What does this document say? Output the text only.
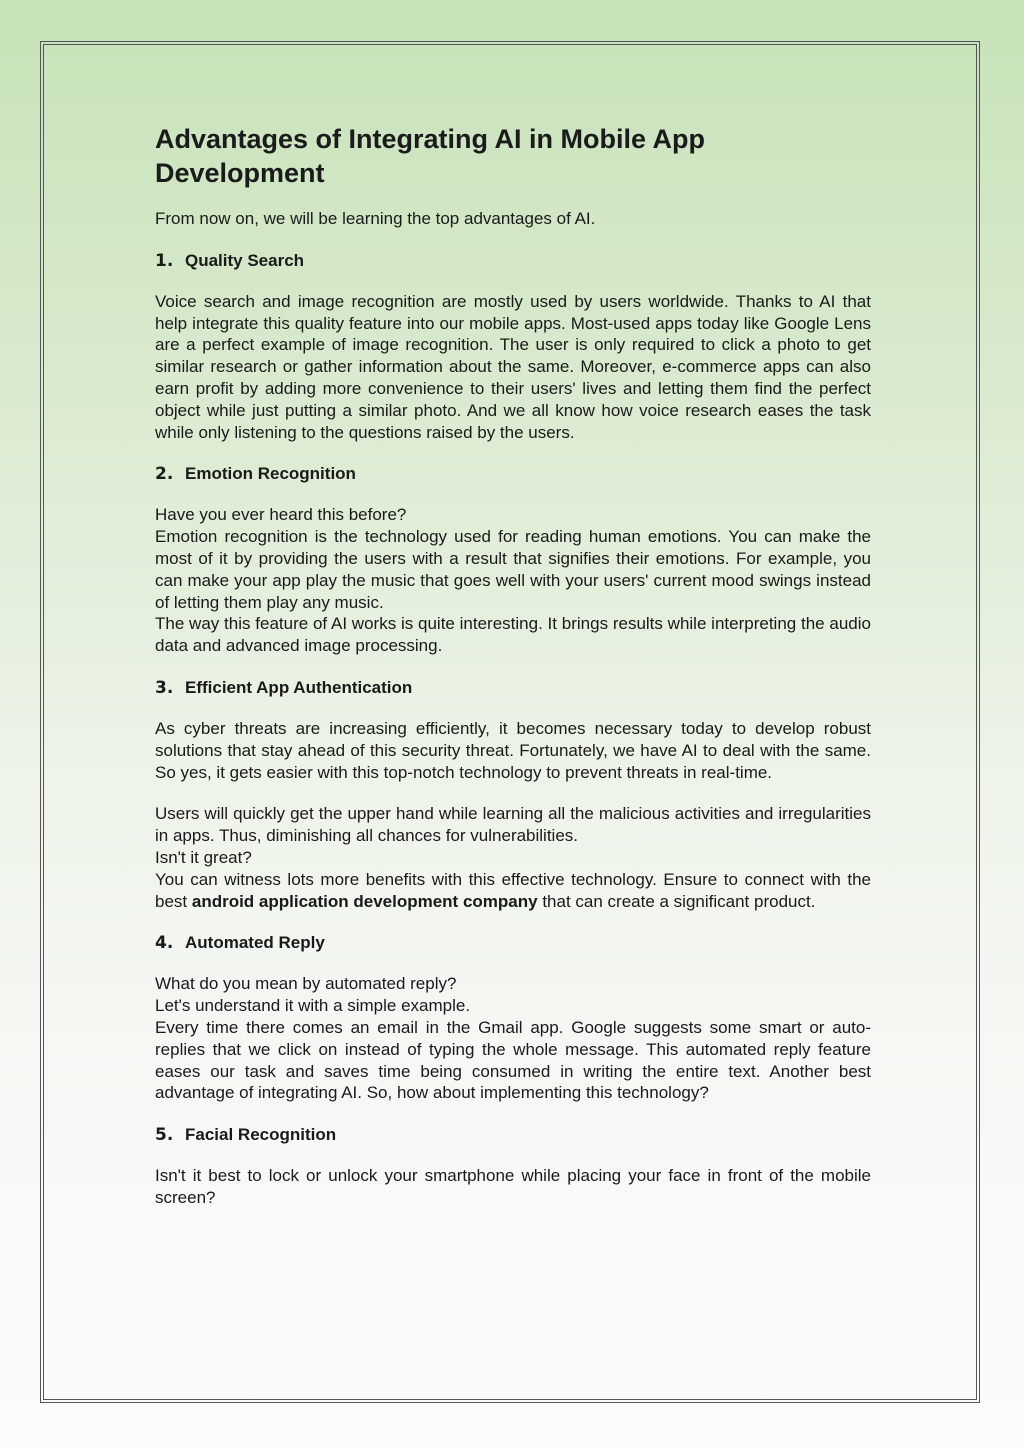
Advantages of Integrating AI in Mobile App Development

From now on, we will be learning the top advantages of AI.

1. Quality Search

Voice search and image recognition are mostly used by users worldwide. Thanks to AI that help integrate this quality feature into our mobile apps. Most-used apps today like Google Lens are a perfect example of image recognition. The user is only required to click a photo to get similar research or gather information about the same. Moreover, e-commerce apps can also earn profit by adding more convenience to their users' lives and letting them find the perfect object while just putting a similar photo. And we all know how voice research eases the task while only listening to the questions raised by the users.

2. Emotion Recognition

Have you ever heard this before?

Emotion recognition is the technology used for reading human emotions. You can make the most of it by providing the users with a result that signifies their emotions. For example, you can make your app play the music that goes well with your users' current mood swings instead of letting them play any music.

The way this feature of AI works is quite interesting. It brings results while interpreting the audio data and advanced image processing.

3. Efficient App Authentication

As cyber threats are increasing efficiently, it becomes necessary today to develop robust solutions that stay ahead of this security threat. Fortunately, we have AI to deal with the same. So yes, it gets easier with this top-notch technology to prevent threats in real-time.

Users will quickly get the upper hand while learning all the malicious activities and irregularities in apps. Thus, diminishing all chances for vulnerabilities.

Isn't it great?

You can witness lots more benefits with this effective technology. Ensure to connect with the best android application development company that can create a significant product.

4. Automated Reply

What do you mean by automated reply?

Let's understand it with a simple example.

Every time there comes an email in the Gmail app. Google suggests some smart or auto-replies that we click on instead of typing the whole message. This automated reply feature eases our task and saves time being consumed in writing the entire text. Another best advantage of integrating AI. So, how about implementing this technology?

5. Facial Recognition

Isn't it best to lock or unlock your smartphone while placing your face in front of the mobile screen?
